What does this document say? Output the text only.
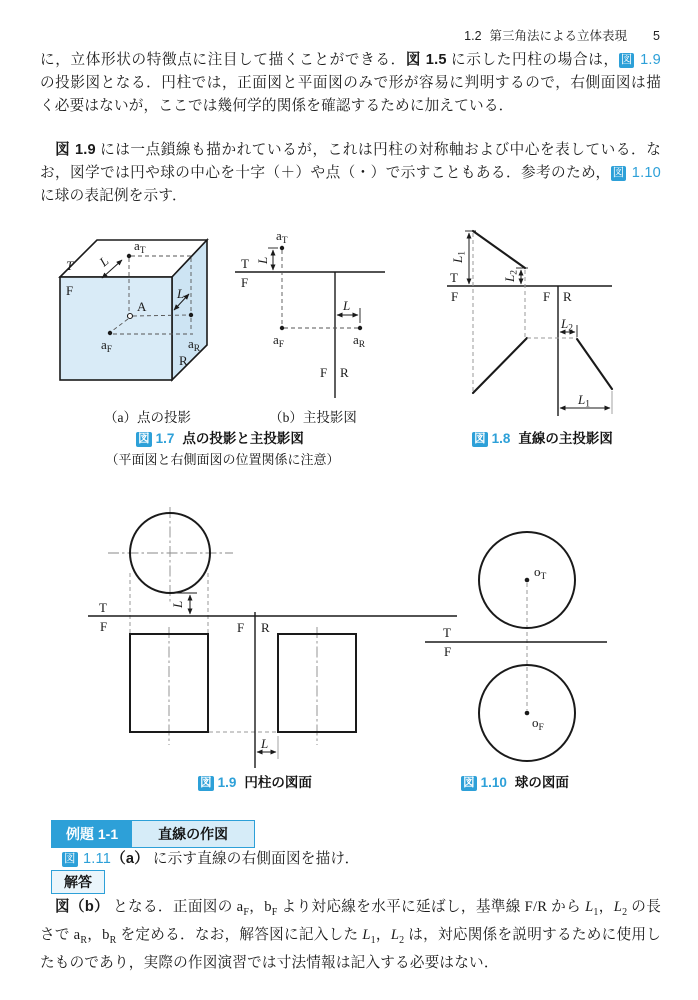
1.2 第三角法による立体表現 5

に，立体形状の特徴点に注目して描くことができる．図 1.5 に示した円柱の場合は， 図 1.9 の投影図となる．円柱では，正面図と平面図のみで形が容易に判明するので，右側面図は描く必要はないが，ここでは幾何学的関係を確認するために加えている．

　図 1.9 には一点鎖線も描かれているが，これは円柱の対称軸および中心を表している．なお，図学では円や球の中心を十字（＋）や点（・）で示すこともある．参考のため， 図 1.10 に球の表記例を示す．

T
F
R
A
$a_T$
$a_F$	$a_R$
L
L
T
F
F R
$a_T$
$a_F$	$a_R$
L
L
T
F	F R
L1
L2
L2
L1
（a）点の投影	（b）主投影図
図 1.7 点の投影と主投影図
（平面図と右側面図の位置関係に注意）
図 1.8 直線の主投影図
T
F	F R
L
L
T
F
$o_T$
$o_F$
図 1.9 円柱の図面	図 1.10 球の図面
例題 1-1	直線の作図

図 1.11（a） に示す直線の右側面図を描け．

解答

　図（b） となる．正面図の $a_F$，$b_F$ より対応線を水平に延ばし，基準線 F/R から $L_1$，$L_2$ の長さで $a_R$，$b_R$ を定める．なお，解答図に記入した $L_1$，$L_2$ は，対応関係を説明するために使用したものであり，実際の作図演習では寸法情報は記入する必要はない．
